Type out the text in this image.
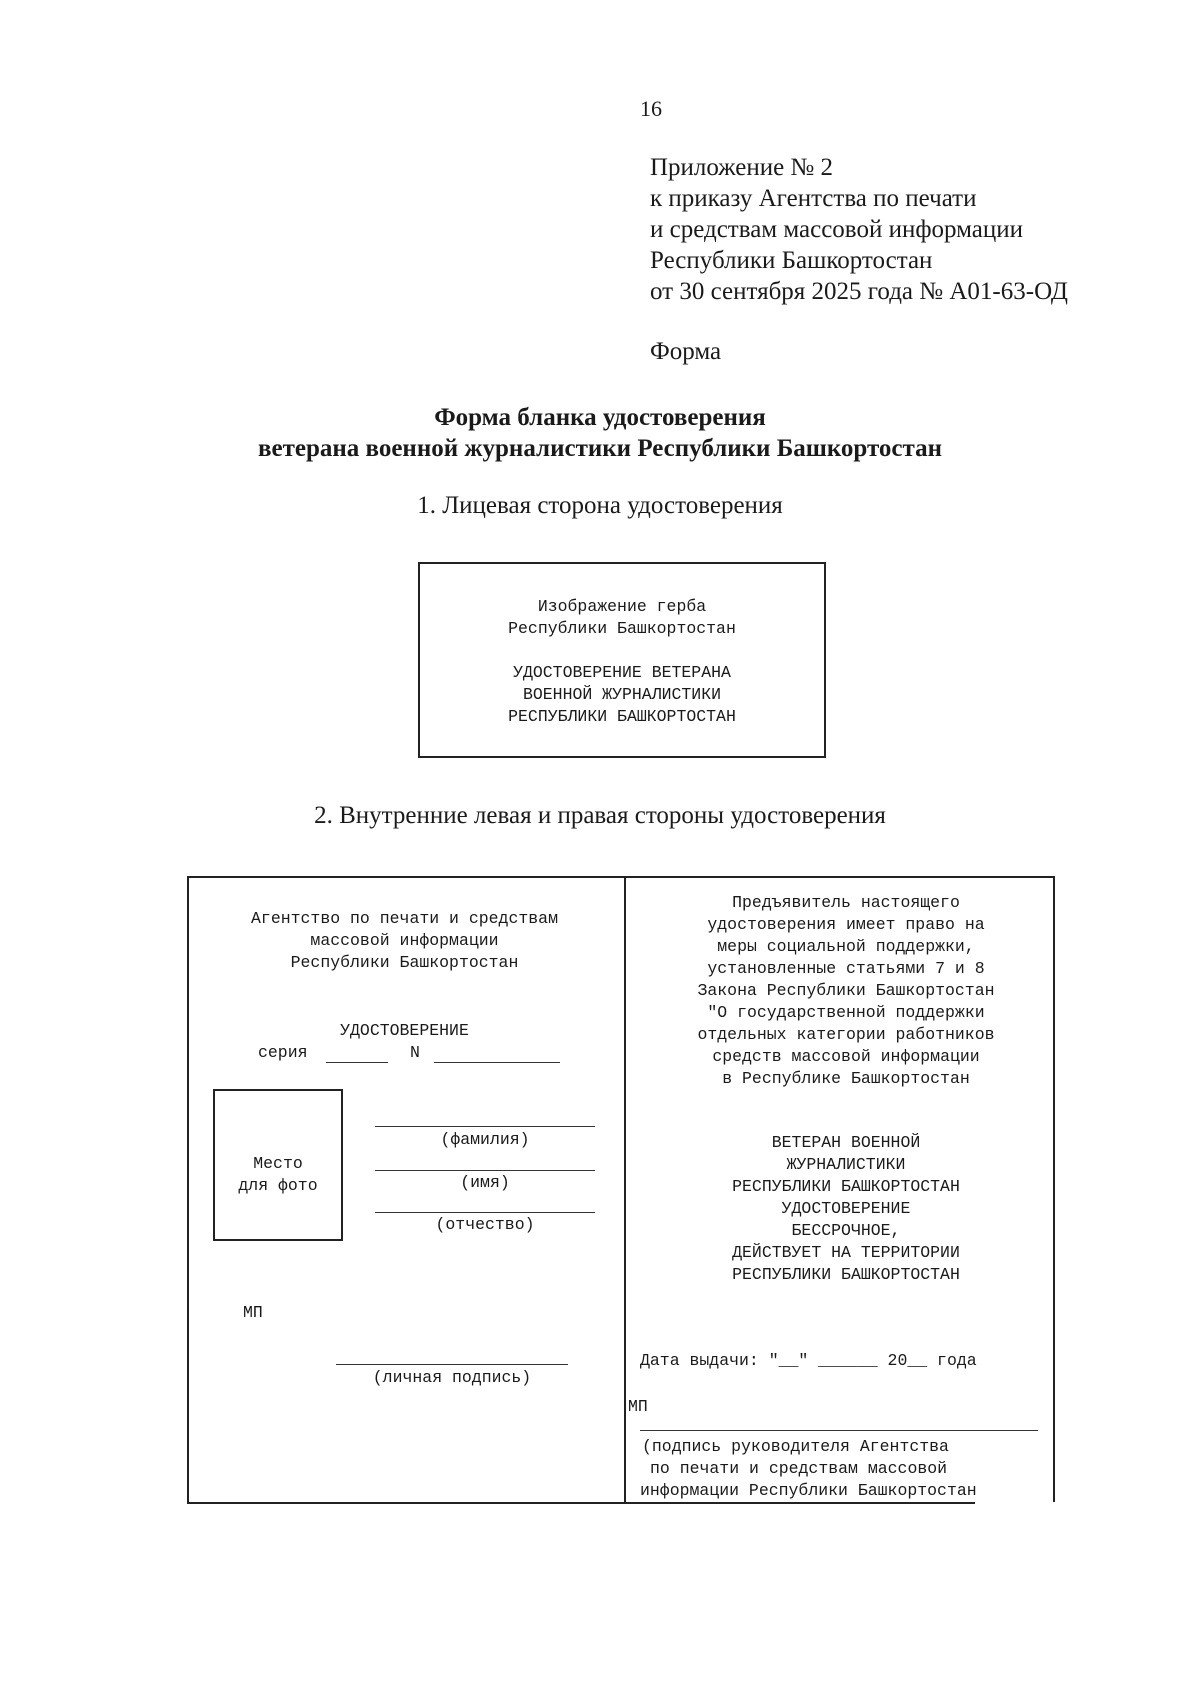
16
Приложение № 2
к приказу Агентства по печати
и средствам массовой информации
Республики Башкортостан
от 30 сентября 2025 года № А01-63-ОД
Форма
Форма бланка удостоверения
ветерана военной журналистики Республики Башкортостан
1. Лицевая сторона удостоверения
Изображение герба
Республики Башкортостан
УДОСТОВЕРЕНИЕ ВЕТЕРАНА
ВОЕННОЙ ЖУРНАЛИСТИКИ
РЕСПУБЛИКИ БАШКОРТОСТАН
2. Внутренние левая и правая стороны удостоверения
Агентство по печати и средствам
массовой информации
Республики Башкортостан
УДОСТОВЕРЕНИЕ
серия	N
Место
для фото
(фамилия)
(имя)
(отчество)
МП
(личная подпись)
Предъявитель настоящего
удостоверения имеет право на
меры социальной поддержки,
установленные статьями 7 и 8
Закона Республики Башкортостан
"О государственной поддержки
отдельных категории работников
средств массовой информации
в Республике Башкортостан
ВЕТЕРАН ВОЕННОЙ
ЖУРНАЛИСТИКИ
РЕСПУБЛИКИ БАШКОРТОСТАН
УДОСТОВЕРЕНИЕ
БЕССРОЧНОЕ,
ДЕЙСТВУЕТ НА ТЕРРИТОРИИ
РЕСПУБЛИКИ БАШКОРТОСТАН
Дата выдачи: "__" ______ 20__ года
МП
(подпись руководителя Агентства
по печати и средствам массовой
информации Республики Башкортостан
